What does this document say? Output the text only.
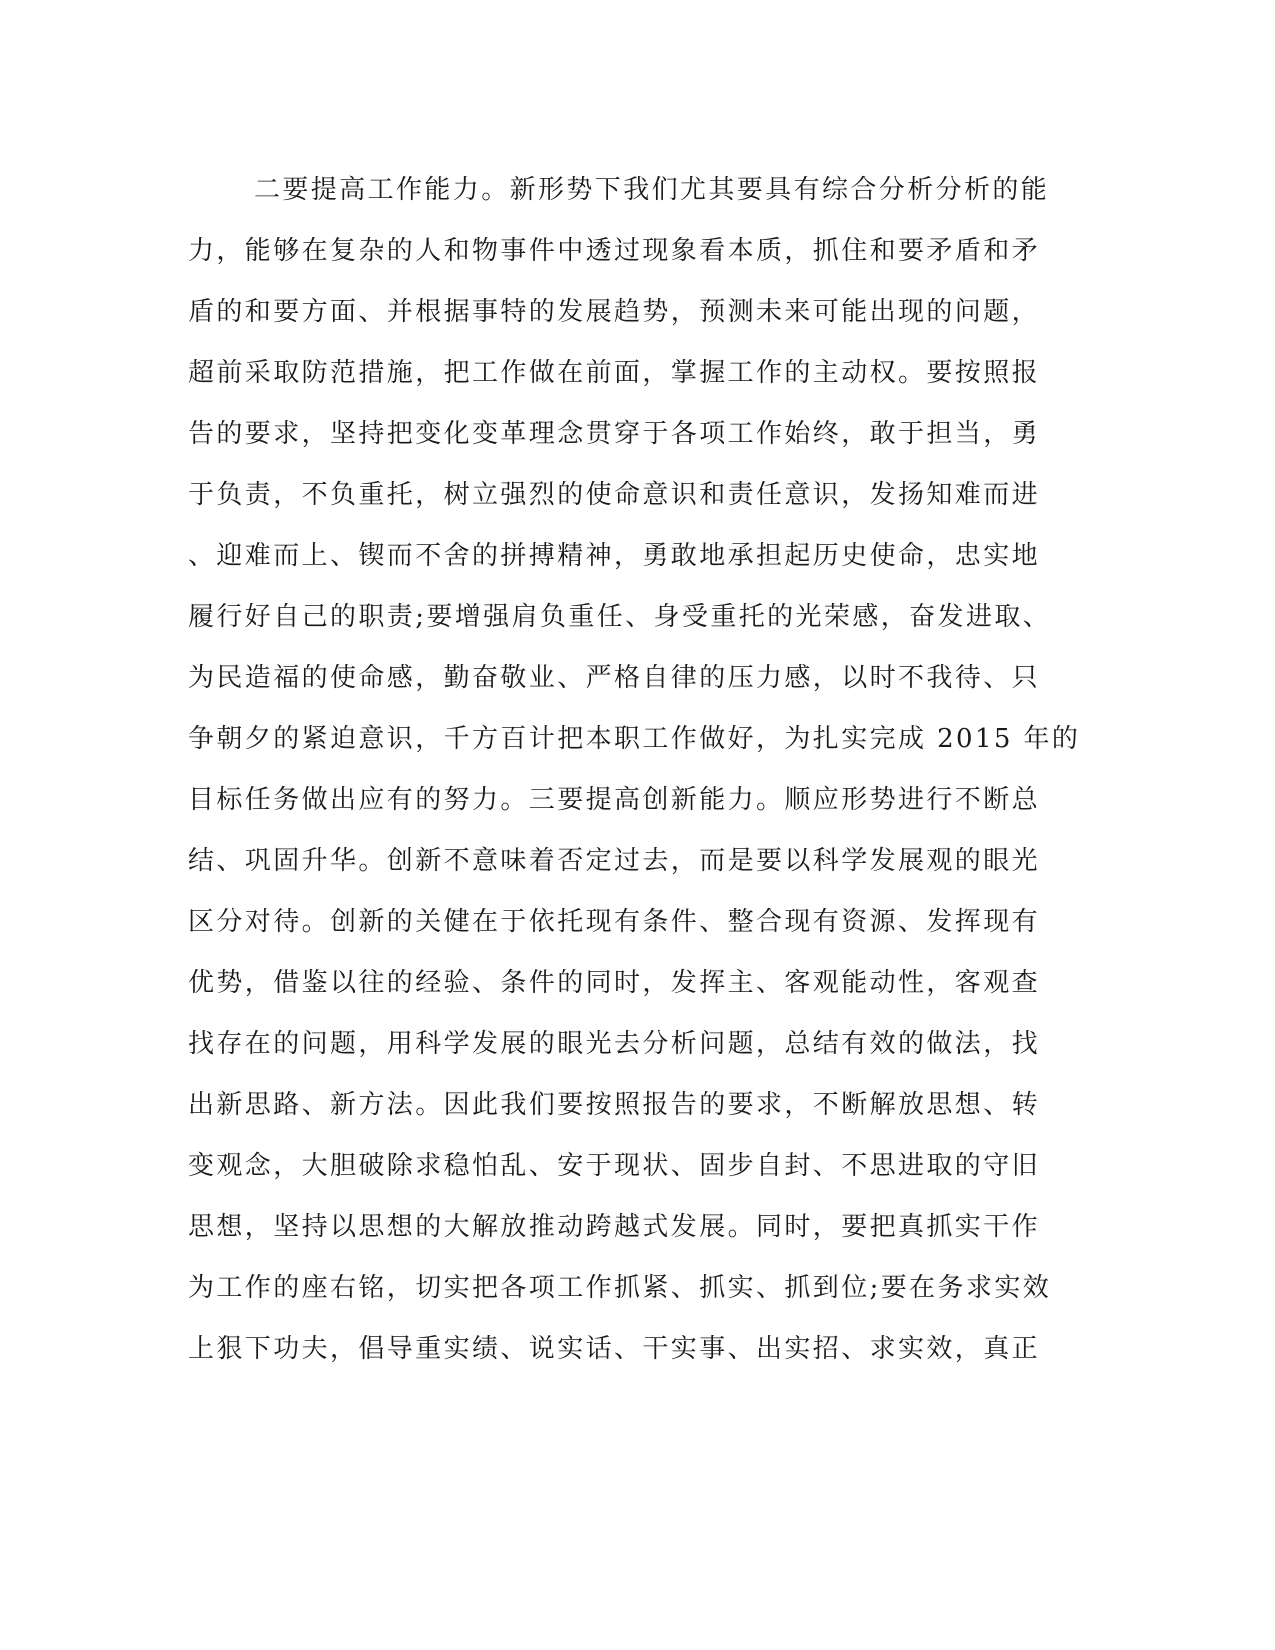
二要提高工作能力。新形势下我们尤其要具有综合分析分析的能
力，能够在复杂的人和物事件中透过现象看本质，抓住和要矛盾和矛
盾的和要方面、并根据事特的发展趋势，预测未来可能出现的问题，
超前采取防范措施，把工作做在前面，掌握工作的主动权。要按照报
告的要求，坚持把变化变革理念贯穿于各项工作始终，敢于担当，勇
于负责，不负重托，树立强烈的使命意识和责任意识，发扬知难而进
、迎难而上、锲而不舍的拼搏精神，勇敢地承担起历史使命，忠实地
履行好自己的职责;要增强肩负重任、身受重托的光荣感，奋发进取、
为民造福的使命感，勤奋敬业、严格自律的压力感，以时不我待、只
争朝夕的紧迫意识，千方百计把本职工作做好，为扎实完成 2015 年的
目标任务做出应有的努力。三要提高创新能力。顺应形势进行不断总
结、巩固升华。创新不意味着否定过去，而是要以科学发展观的眼光
区分对待。创新的关健在于依托现有条件、整合现有资源、发挥现有
优势，借鉴以往的经验、条件的同时，发挥主、客观能动性，客观查
找存在的问题，用科学发展的眼光去分析问题，总结有效的做法，找
出新思路、新方法。因此我们要按照报告的要求，不断解放思想、转
变观念，大胆破除求稳怕乱、安于现状、固步自封、不思进取的守旧
思想，坚持以思想的大解放推动跨越式发展。同时，要把真抓实干作
为工作的座右铭，切实把各项工作抓紧、抓实、抓到位;要在务求实效
上狠下功夫，倡导重实绩、说实话、干实事、出实招、求实效，真正
